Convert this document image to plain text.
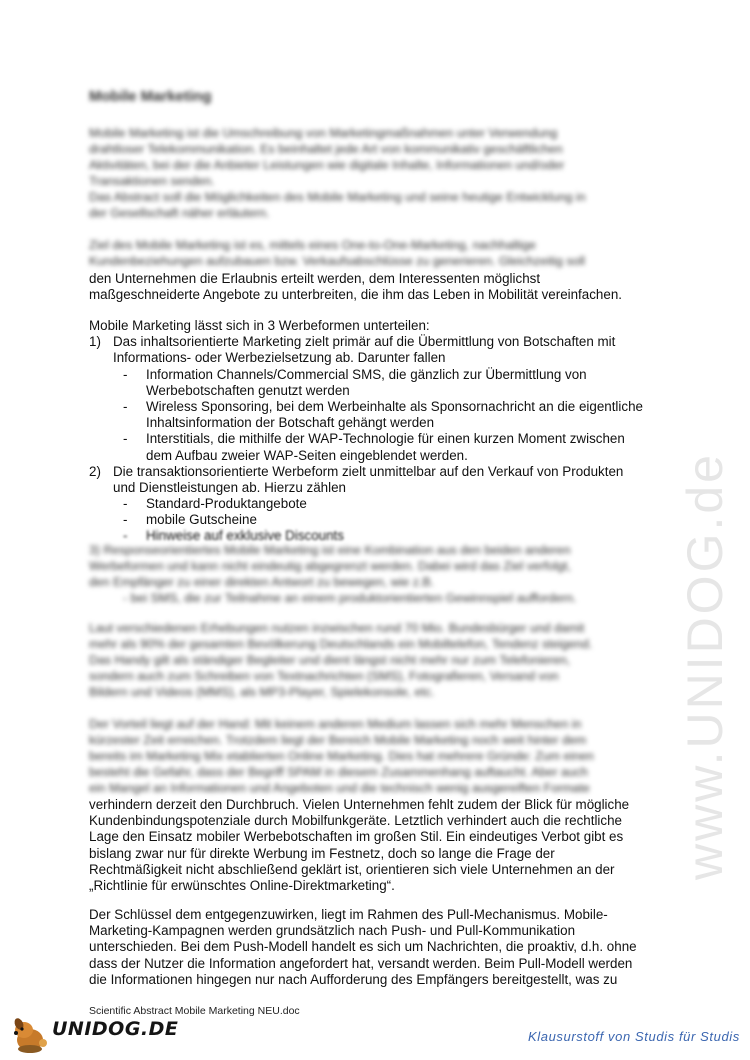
www.UNIDOG.de
Mobile Marketing
Mobile Marketing ist die Umschreibung von Marketingmaßnahmen unter Verwendung
drahtloser Telekommunikation. Es beinhaltet jede Art von kommunikativ geschäftlichen
Aktivitäten, bei der die Anbieter Leistungen wie digitale Inhalte, Informationen und/oder
Transaktionen senden.
Das Abstract soll die Möglichkeiten des Mobile Marketing und seine heutige Entwicklung in
der Gesellschaft näher erläutern.
Ziel des Mobile Marketing ist es, mittels eines One-to-One-Marketing, nachhaltige
Kundenbeziehungen aufzubauen bzw. Verkaufsabschlüsse zu generieren. Gleichzeitig soll
den Unternehmen die Erlaubnis erteilt werden, dem Interessenten möglichst
maßgeschneiderte Angebote zu unterbreiten, die ihm das Leben in Mobilität vereinfachen.
Mobile Marketing lässt sich in 3 Werbeformen unterteilen:
1) Das inhaltsorientierte Marketing zielt primär auf die Übermittlung von Botschaften mit
Informations- oder Werbezielsetzung ab. Darunter fallen
- Information Channels/Commercial SMS, die gänzlich zur Übermittlung von
Werbebotschaften genutzt werden
- Wireless Sponsoring, bei dem Werbeinhalte als Sponsornachricht an die eigentliche
Inhaltsinformation der Botschaft gehängt werden
- Interstitials, die mithilfe der WAP-Technologie für einen kurzen Moment zwischen
dem Aufbau zweier WAP-Seiten eingeblendet werden.
2) Die transaktionsorientierte Werbeform zielt unmittelbar auf den Verkauf von Produkten
und Dienstleistungen ab. Hierzu zählen
- Standard-Produktangebote
- mobile Gutscheine
- Hinweise auf exklusive Discounts
3) Responseorientiertes Mobile Marketing ist eine Kombination aus den beiden anderen
Werbeformen und kann nicht eindeutig abgegrenzt werden. Dabei wird das Ziel verfolgt,
den Empfänger zu einer direkten Antwort zu bewegen, wie z.B.
- bei SMS, die zur Teilnahme an einem produktorientierten Gewinnspiel auffordern.
Laut verschiedenen Erhebungen nutzen inzwischen rund 70 Mio. Bundesbürger und damit
mehr als 90% der gesamten Bevölkerung Deutschlands ein Mobiltelefon, Tendenz steigend.
Das Handy gilt als ständiger Begleiter und dient längst nicht mehr nur zum Telefonieren,
sondern auch zum Schreiben von Textnachrichten (SMS), Fotografieren, Versand von
Bildern und Videos (MMS), als MP3-Player, Spielekonsole, etc.
Der Vorteil liegt auf der Hand: Mit keinem anderen Medium lassen sich mehr Menschen in
kürzester Zeit erreichen. Trotzdem liegt der Bereich Mobile Marketing noch weit hinter dem
bereits im Marketing Mix etablierten Online Marketing. Dies hat mehrere Gründe: Zum einen
besteht die Gefahr, dass der Begriff SPAM in diesem Zusammenhang auftaucht. Aber auch
ein Mangel an Informationen und Angeboten und die technisch wenig ausgereiften Formate
verhindern derzeit den Durchbruch. Vielen Unternehmen fehlt zudem der Blick für mögliche
Kundenbindungspotenziale durch Mobilfunkgeräte. Letztlich verhindert auch die rechtliche
Lage den Einsatz mobiler Werbebotschaften im großen Stil. Ein eindeutiges Verbot gibt es
bislang zwar nur für direkte Werbung im Festnetz, doch so lange die Frage der
Rechtmäßigkeit nicht abschließend geklärt ist, orientieren sich viele Unternehmen an der
„Richtlinie für erwünschtes Online-Direktmarketing“.
Der Schlüssel dem entgegenzuwirken, liegt im Rahmen des Pull-Mechanismus. Mobile-
Marketing-Kampagnen werden grundsätzlich nach Push- und Pull-Kommunikation
unterschieden. Bei dem Push-Modell handelt es sich um Nachrichten, die proaktiv, d.h. ohne
dass der Nutzer die Information angefordert hat, versandt werden. Beim Pull-Modell werden
die Informationen hingegen nur nach Aufforderung des Empfängers bereitgestellt, was zu
Scientific Abstract Mobile Marketing NEU.doc
UNIDOG.DE	Klausurstoff von Studis für Studis
